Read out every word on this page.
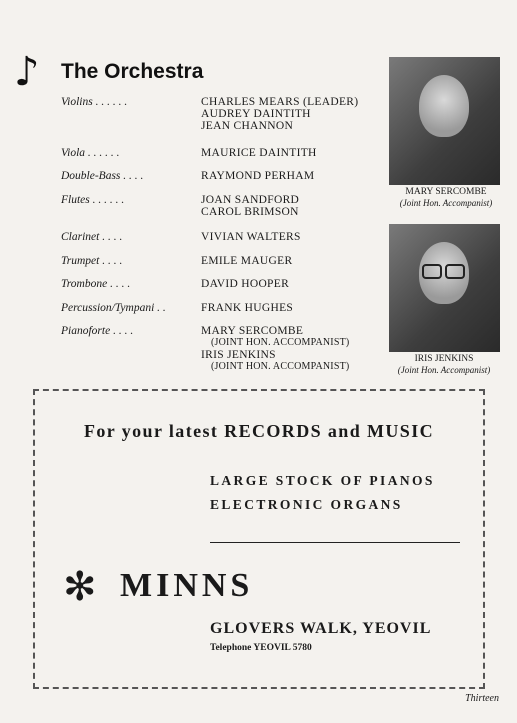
♪ The Orchestra
Violins . . . . . .	CHARLES MEARS (LEADER)
AUDREY DAINTITH
JEAN CHANNON
Viola . . . . . .	MAURICE DAINTITH
Double-Bass . . . .	RAYMOND PERHAM
Flutes . . . . . .	JOAN SANDFORD
CAROL BRIMSON
Clarinet . . . .	VIVIAN WALTERS
Trumpet . . . .	EMILE MAUGER
Trombone . . . .	DAVID HOOPER
Percussion/Tympani . .	FRANK HUGHES
Pianoforte . . . .	MARY SERCOMBE
(JOINT HON. ACCOMPANIST)
IRIS JENKINS
(JOINT HON. ACCOMPANIST)
MARY SERCOMBE
(Joint Hon. Accompanist)
IRIS JENKINS
(Joint Hon. Accompanist)
For your latest RECORDS and MUSIC
LARGE STOCK OF PIANOS
ELECTRONIC ORGANS
✻ MINNS
GLOVERS WALK, YEOVIL
Telephone YEOVIL 5780
Thirteen
